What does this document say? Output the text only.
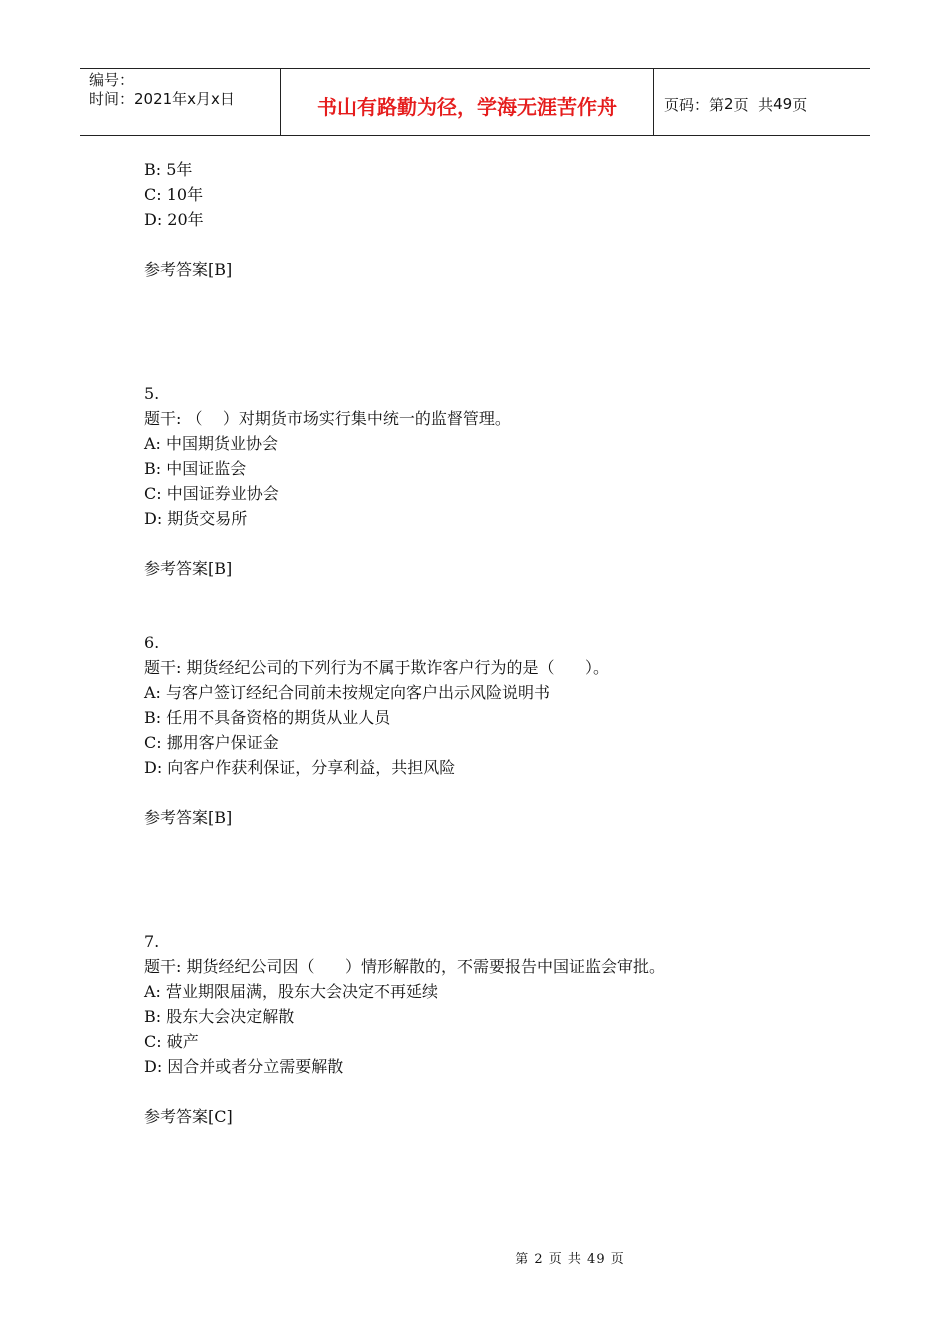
编号：
时间：2021年x月x日	书山有路勤为径，学海无涯苦作舟	页码：第 2 页  共 49 页
B: 5年
C: 10年
D: 20年
参考答案[B]
5.
题干: （    ）对期货市场实行集中统一的监督管理。
A: 中国期货业协会
B: 中国证监会
C: 中国证券业协会
D: 期货交易所
参考答案[B]
6.
题干: 期货经纪公司的下列行为不属于欺诈客户行为的是（      ）。
A: 与客户签订经纪合同前未按规定向客户出示风险说明书
B: 任用不具备资格的期货从业人员
C: 挪用客户保证金
D: 向客户作获利保证，分享利益，共担风险
参考答案[B]
7.
题干: 期货经纪公司因（      ）情形解散的，不需要报告中国证监会审批。
A: 营业期限届满，股东大会决定不再延续
B: 股东大会决定解散
C: 破产
D: 因合并或者分立需要解散
参考答案[C]
第 2 页 共 49 页
